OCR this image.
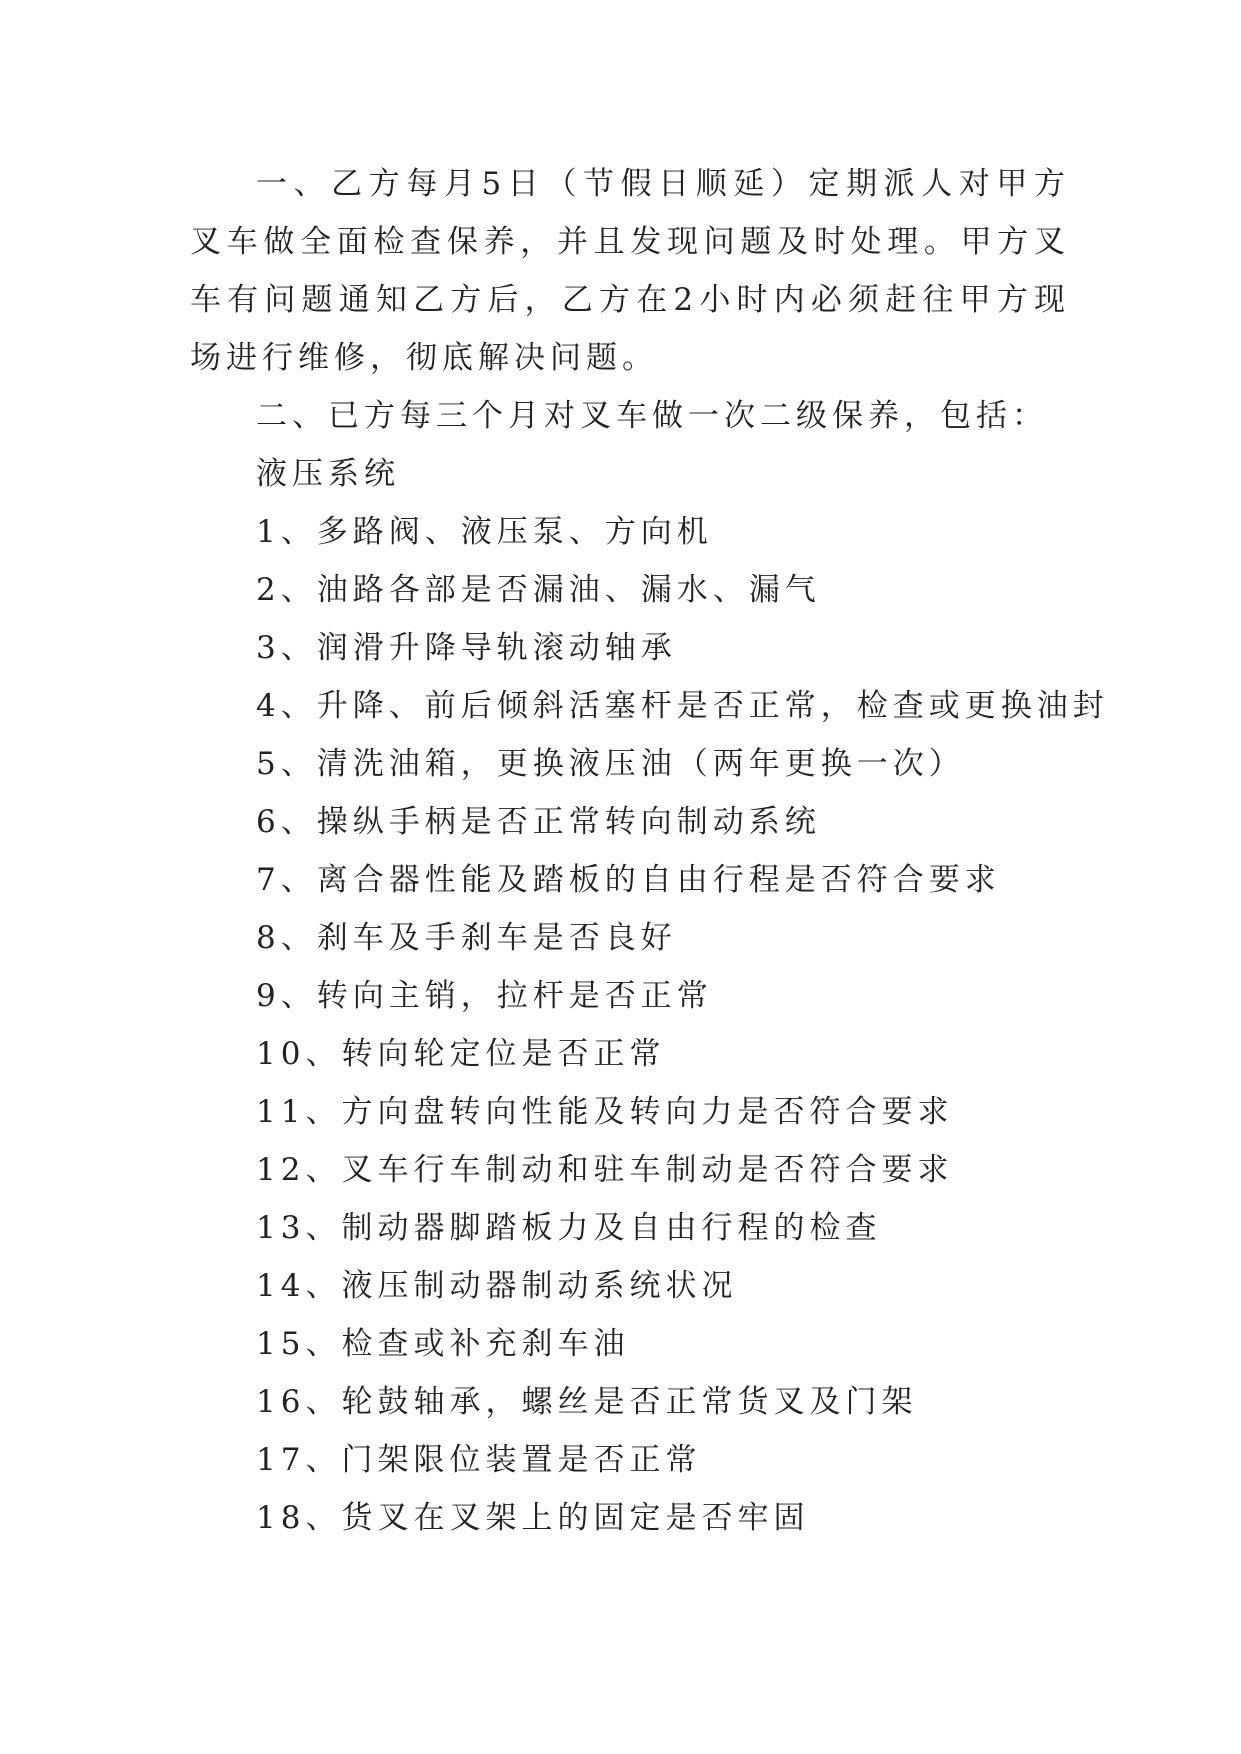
一、乙方每月5日（节假日顺延）定期派人对甲方叉车做全面检查保养，并且发现问题及时处理。甲方叉车有问题通知乙方后，乙方在2小时内必须赶往甲方现场进行维修，彻底解决问题。

二、已方每三个月对叉车做一次二级保养，包括：

液压系统

1、多路阀、液压泵、方向机

2、油路各部是否漏油、漏水、漏气

3、润滑升降导轨滚动轴承

4、升降、前后倾斜活塞杆是否正常，检查或更换油封

5、清洗油箱，更换液压油（两年更换一次）

6、操纵手柄是否正常转向制动系统

7、离合器性能及踏板的自由行程是否符合要求

8、刹车及手刹车是否良好

9、转向主销，拉杆是否正常

10、转向轮定位是否正常

11、方向盘转向性能及转向力是否符合要求

12、叉车行车制动和驻车制动是否符合要求

13、制动器脚踏板力及自由行程的检查

14、液压制动器制动系统状况

15、检查或补充刹车油

16、轮鼓轴承，螺丝是否正常货叉及门架

17、门架限位装置是否正常

18、货叉在叉架上的固定是否牢固
